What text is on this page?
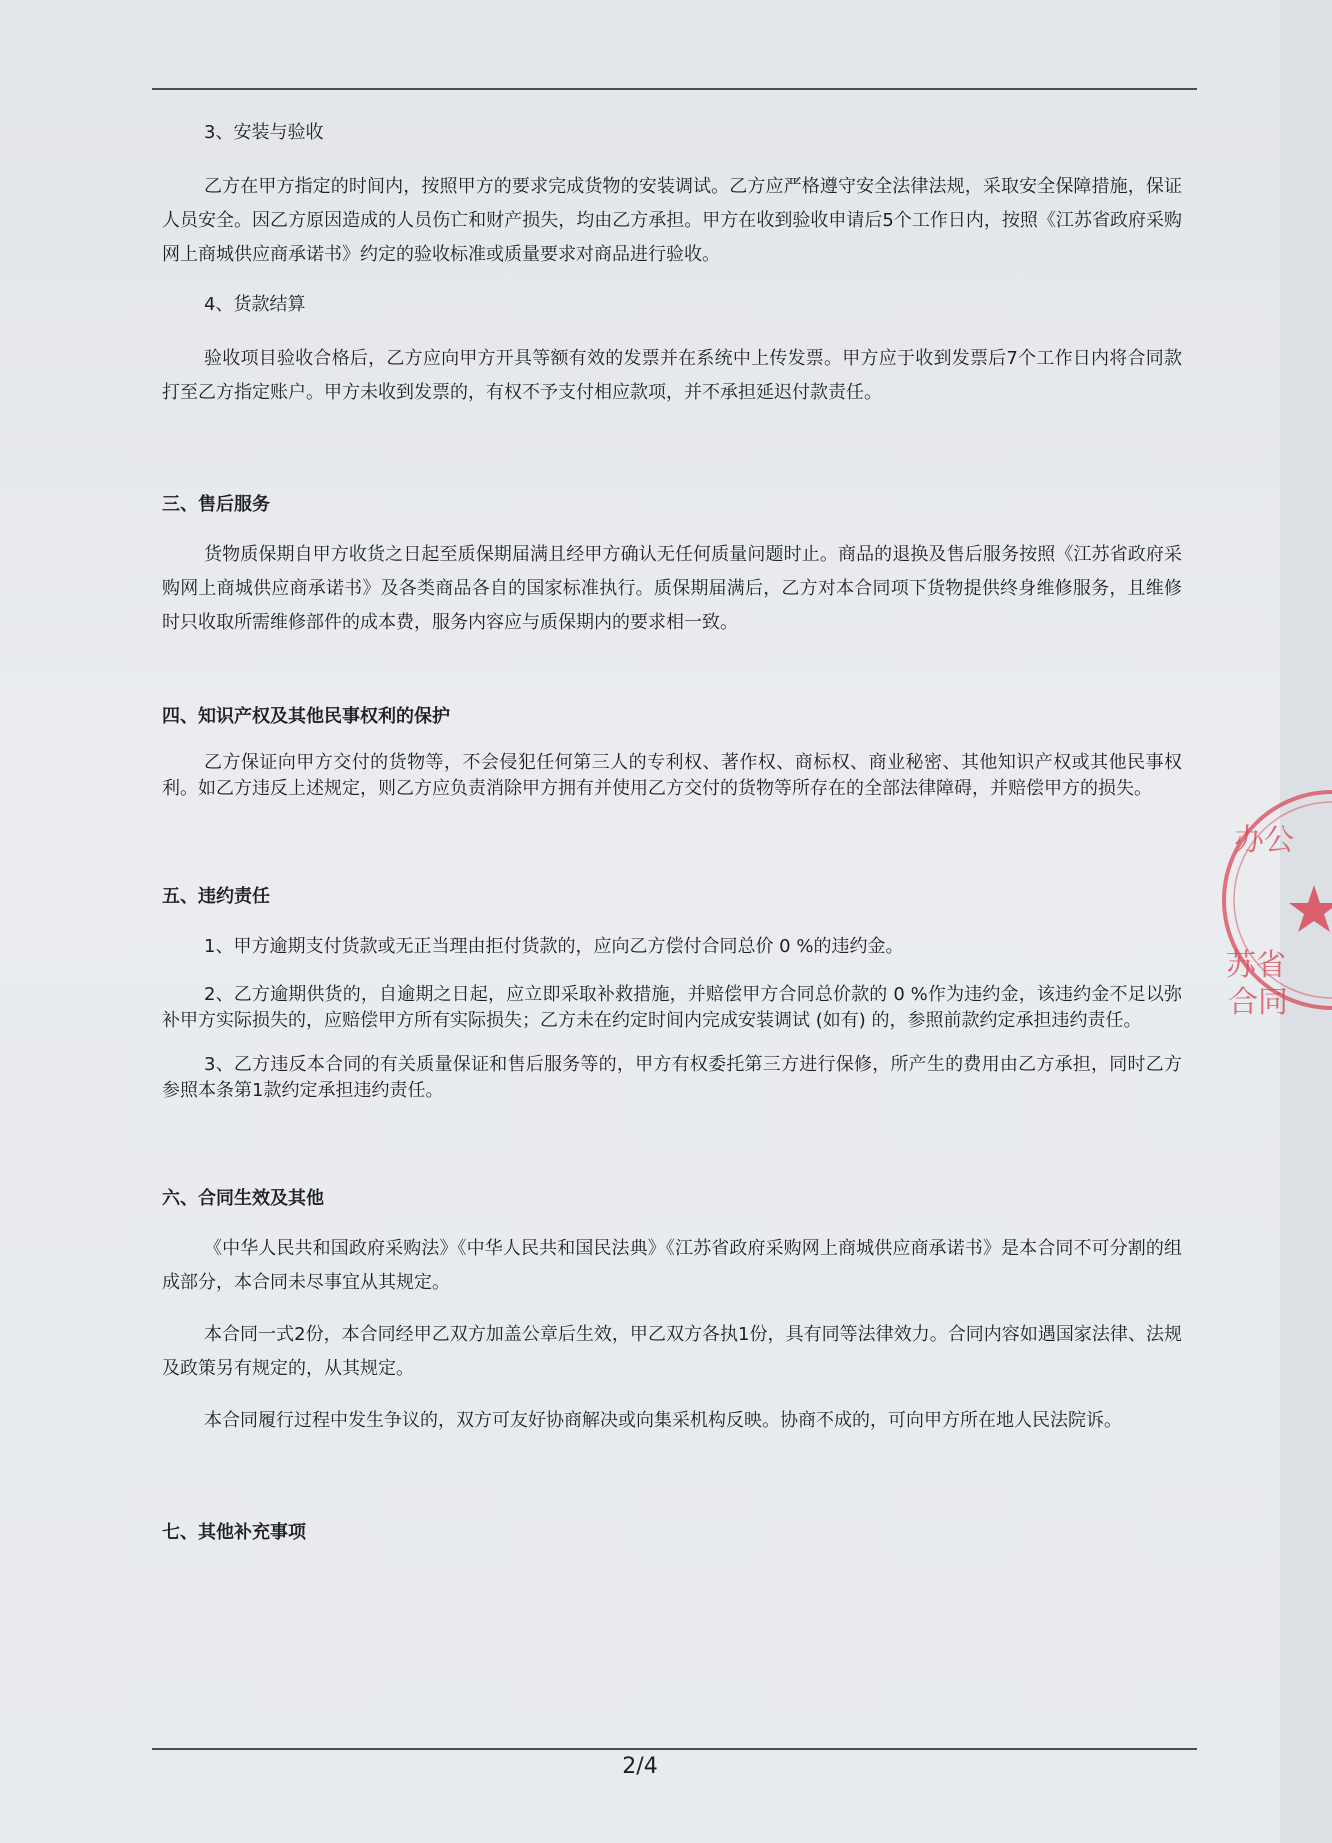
3、安装与验收

乙方在甲方指定的时间内，按照甲方的要求完成货物的安装调试。乙方应严格遵守安全法律法规，采取安全保障措施，保证人员安全。因乙方原因造成的人员伤亡和财产损失，均由乙方承担。甲方在收到验收申请后5个工作日内，按照《江苏省政府采购网上商城供应商承诺书》约定的验收标准或质量要求对商品进行验收。

4、货款结算

验收项目验收合格后，乙方应向甲方开具等额有效的发票并在系统中上传发票。甲方应于收到发票后7个工作日内将合同款打至乙方指定账户。甲方未收到发票的，有权不予支付相应款项，并不承担延迟付款责任。

三、售后服务

货物质保期自甲方收货之日起至质保期届满且经甲方确认无任何质量问题时止。商品的退换及售后服务按照《江苏省政府采购网上商城供应商承诺书》及各类商品各自的国家标准执行。质保期届满后，乙方对本合同项下货物提供终身维修服务，且维修时只收取所需维修部件的成本费，服务内容应与质保期内的要求相一致。

四、知识产权及其他民事权利的保护

乙方保证向甲方交付的货物等，不会侵犯任何第三人的专利权、著作权、商标权、商业秘密、其他知识产权或其他民事权利。如乙方违反上述规定，则乙方应负责消除甲方拥有并使用乙方交付的货物等所存在的全部法律障碍，并赔偿甲方的损失。

五、违约责任

1、甲方逾期支付货款或无正当理由拒付货款的，应向乙方偿付合同总价 0 %的违约金。

2、乙方逾期供货的，自逾期之日起，应立即采取补救措施，并赔偿甲方合同总价款的 0 %作为违约金，该违约金不足以弥补甲方实际损失的，应赔偿甲方所有实际损失；乙方未在约定时间内完成安装调试 (如有) 的，参照前款约定承担违约责任。

3、乙方违反本合同的有关质量保证和售后服务等的，甲方有权委托第三方进行保修，所产生的费用由乙方承担，同时乙方参照本条第1款约定承担违约责任。

六、合同生效及其他

《中华人民共和国政府采购法》《中华人民共和国民法典》《江苏省政府采购网上商城供应商承诺书》是本合同不可分割的组成部分，本合同未尽事宜从其规定。

本合同一式2份，本合同经甲乙双方加盖公章后生效，甲乙双方各执1份，具有同等法律效力。合同内容如遇国家法律、法规及政策另有规定的，从其规定。

本合同履行过程中发生争议的，双方可友好协商解决或向集采机构反映。协商不成的，可向甲方所在地人民法院诉。

七、其他补充事项
2/4
办公
苏省
合同
